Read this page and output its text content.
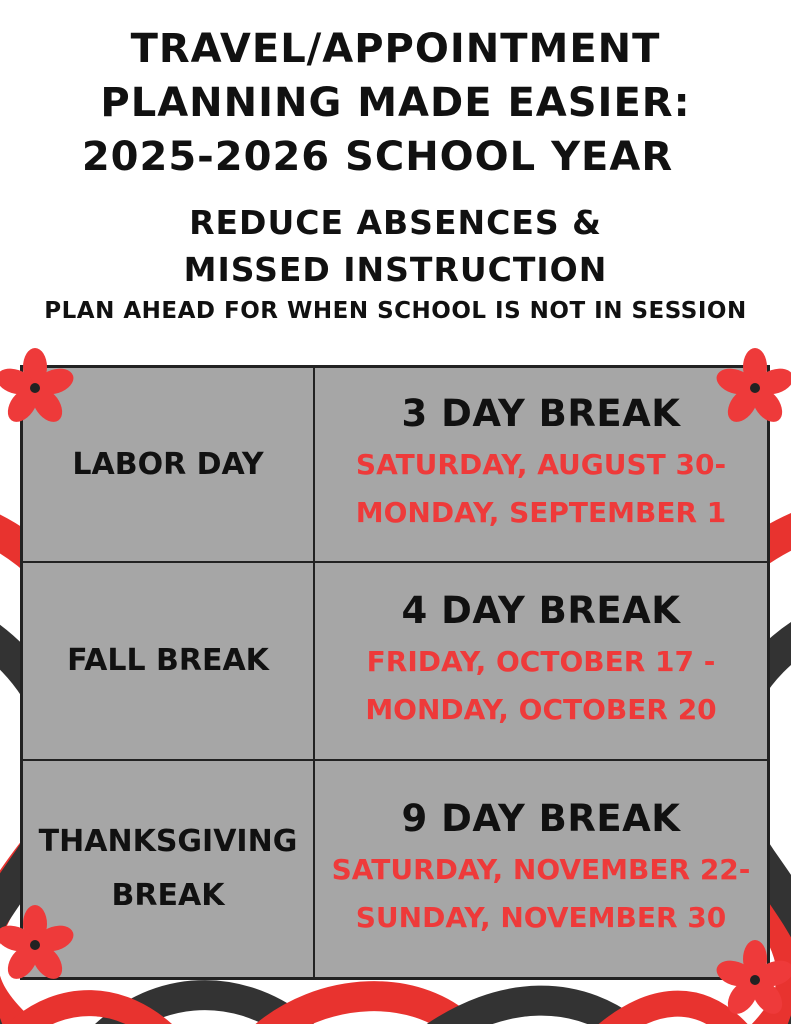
TRAVEL/APPOINTMENT
PLANNING MADE EASIER:
2025-2026 SCHOOL YEAR
REDUCE ABSENCES &
MISSED INSTRUCTION
PLAN AHEAD FOR WHEN SCHOOL IS NOT IN SESSION
LABOR DAY
3 DAY BREAK
SATURDAY, AUGUST 30-
MONDAY, SEPTEMBER 1
FALL BREAK
4 DAY BREAK
FRIDAY, OCTOBER 17 -
MONDAY, OCTOBER 20
THANKSGIVING
BREAK
9 DAY BREAK
SATURDAY, NOVEMBER 22-
SUNDAY, NOVEMBER 30
